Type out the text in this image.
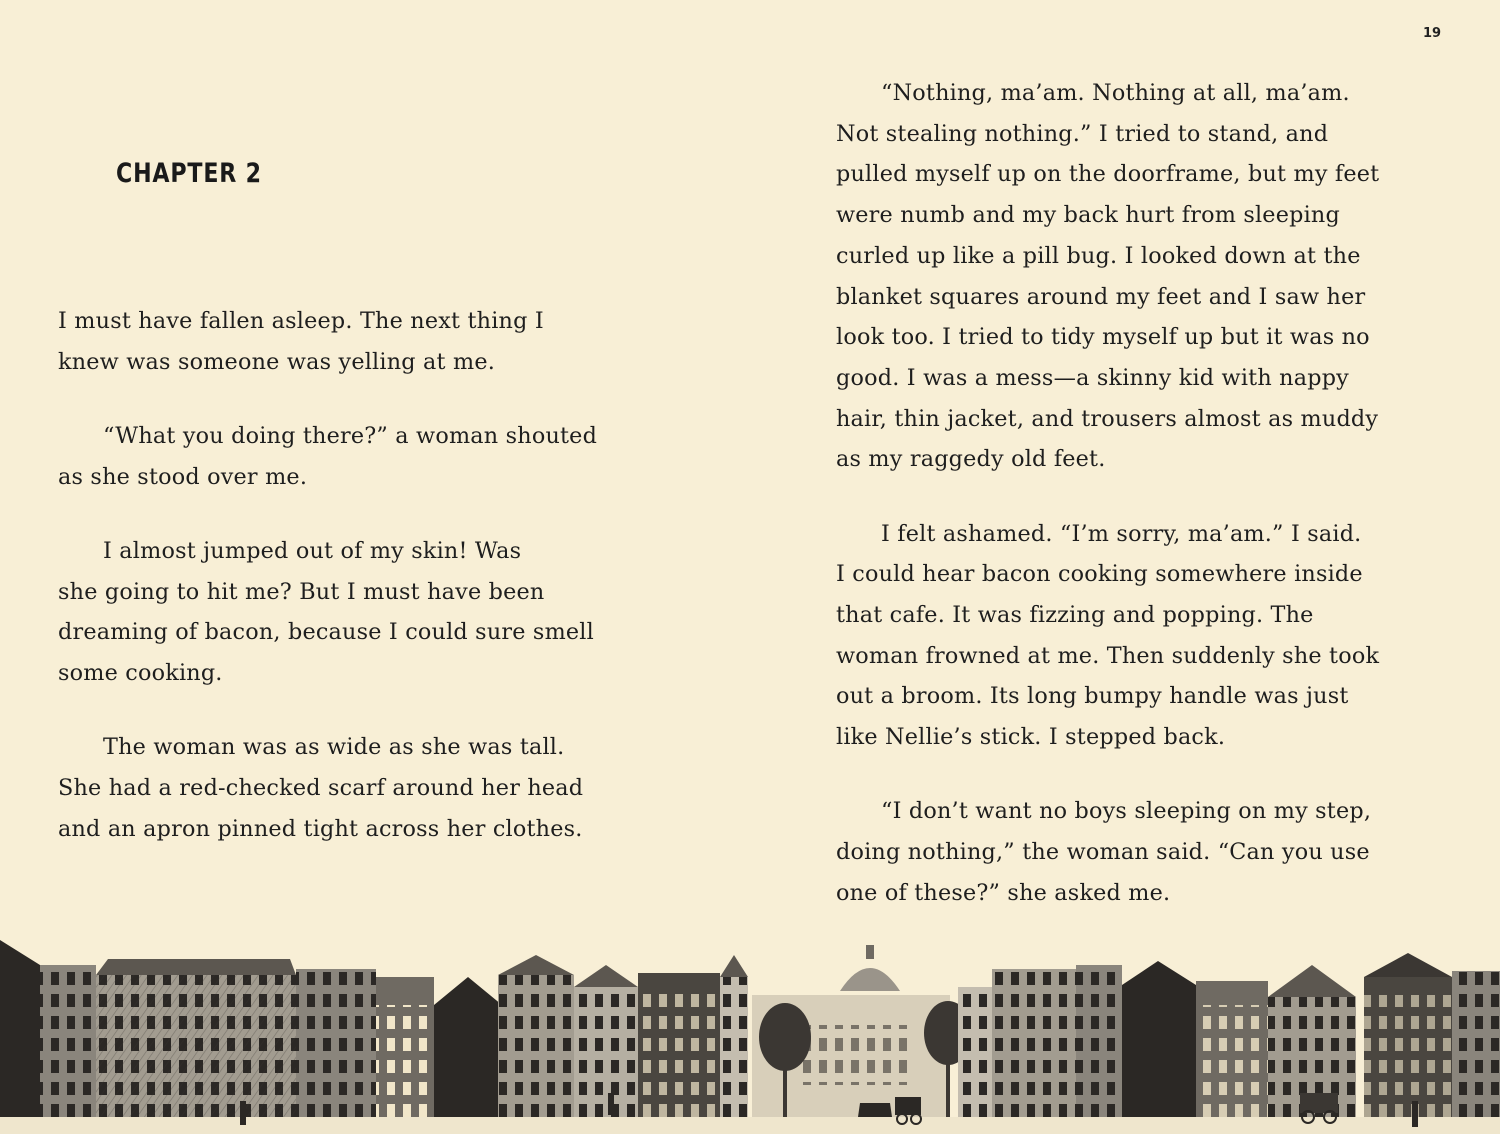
19
CHAPTER 2

I must have fallen asleep. The next thing I
knew was someone was yelling at me.

“What you doing there?” a woman shouted
as she stood over me.

I almost jumped out of my skin! Was
she going to hit me? But I must have been
dreaming of bacon, because I could sure smell
some cooking.

The woman was as wide as she was tall.
She had a red-checked scarf around her head
and an apron pinned tight across her clothes.

“Nothing, ma’am. Nothing at all, ma’am.
Not stealing nothing.” I tried to stand, and
pulled myself up on the doorframe, but my feet
were numb and my back hurt from sleeping
curled up like a pill bug. I looked down at the
blanket squares around my feet and I saw her
look too. I tried to tidy myself up but it was no
good. I was a mess—a skinny kid with nappy
hair, thin jacket, and trousers almost as muddy
as my raggedy old feet.

I felt ashamed. “I’m sorry, ma’am.” I said.
I could hear bacon cooking somewhere inside
that cafe. It was fizzing and popping. The
woman frowned at me. Then suddenly she took
out a broom. Its long bumpy handle was just
like Nellie’s stick. I stepped back.

“I don’t want no boys sleeping on my step,
doing nothing,” the woman said. “Can you use
one of these?” she asked me.
